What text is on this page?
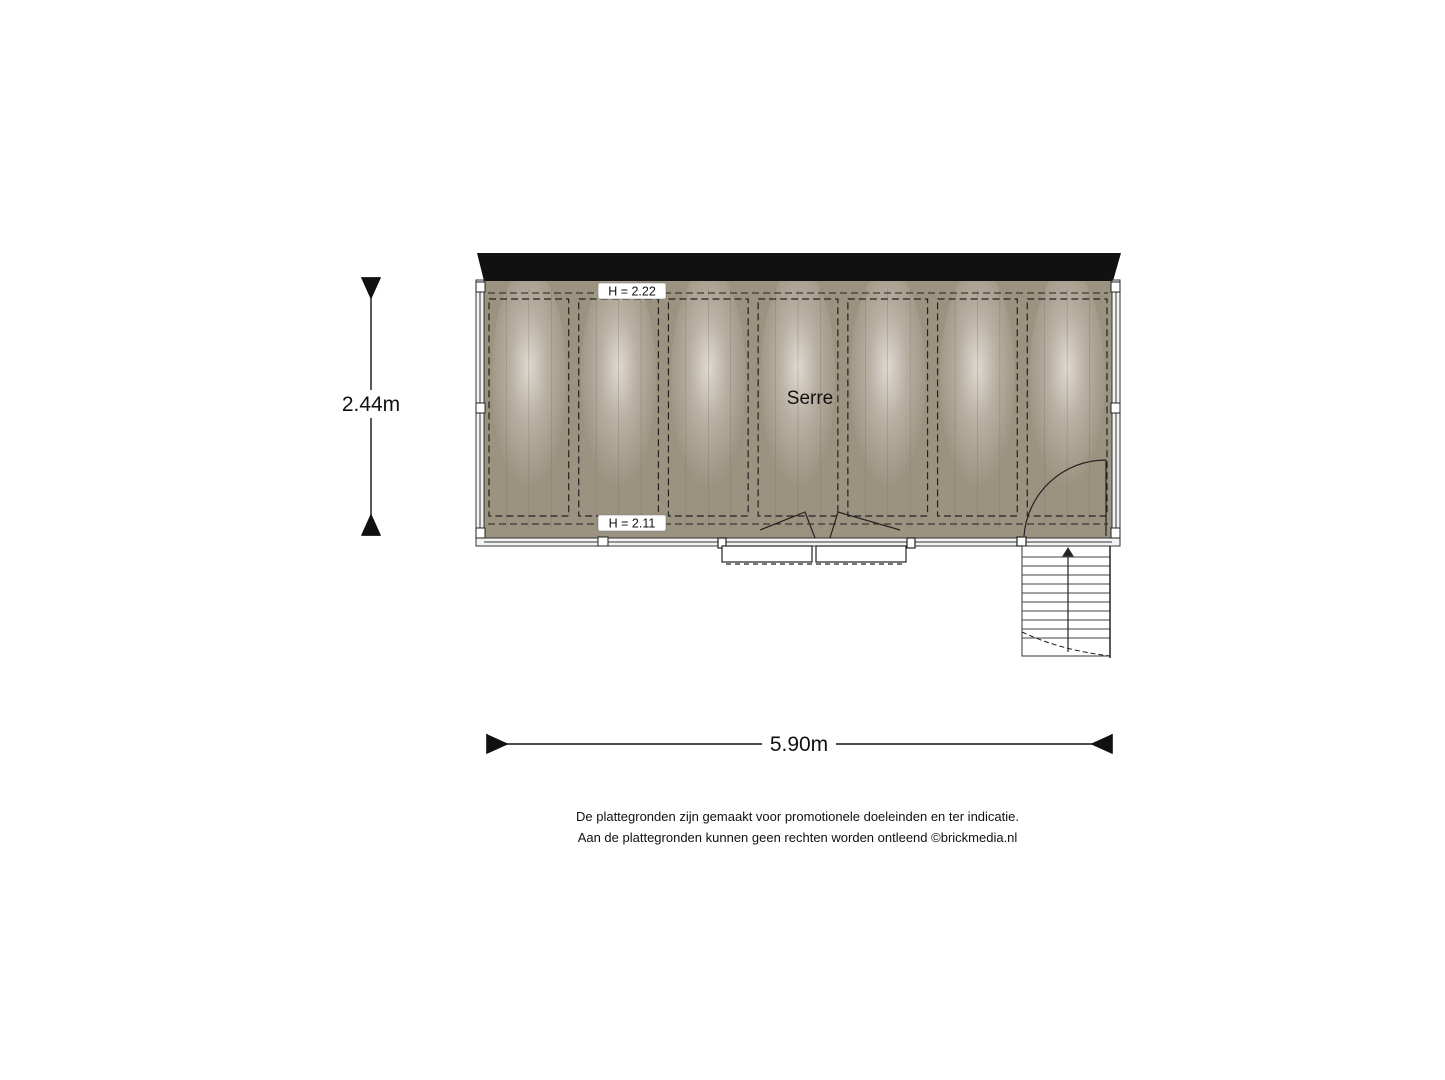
H = 2.22
H = 2.11
Serre
2.44m
5.90m
De plattegronden zijn gemaakt voor promotionele doeleinden en ter indicatie.
Aan de plattegronden kunnen geen rechten worden ontleend ©brickmedia.nl
